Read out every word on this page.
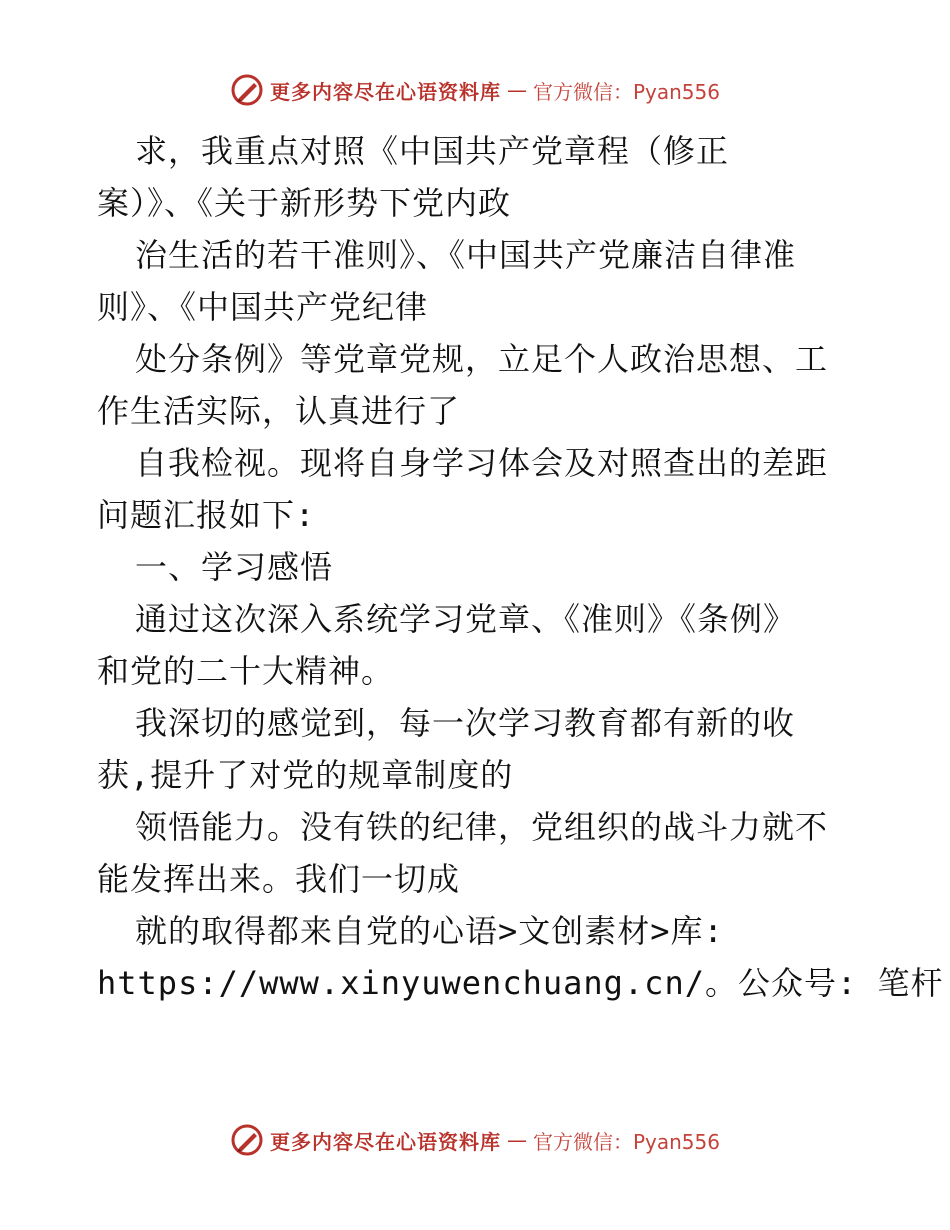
更多内容尽在心语资料库 — 官方微信：Pyan556
求，我重点对照《中国共产党章程（修正
案）》、《关于新形势下党内政
治生活的若干准则》、《中国共产党廉洁自律准
则》、《中国共产党纪律
处分条例》等党章党规，立足个人政治思想、工
作生活实际，认真进行了
自我检视。现将自身学习体会及对照查出的差距
问题汇报如下:
一、学习感悟
通过这次深入系统学习党章、《准则》《条例》
和党的二十大精神。
我深切的感觉到，每一次学习教育都有新的收
获,提升了对党的规章制度的
领悟能力。没有铁的纪律，党组织的战斗力就不
能发挥出来。我们一切成
就的取得都来自党的心语>文创素材>库:
https://www.xinyuwenchuang.cn/。公众号: 笔杆
更多内容尽在心语资料库 — 官方微信：Pyan556
